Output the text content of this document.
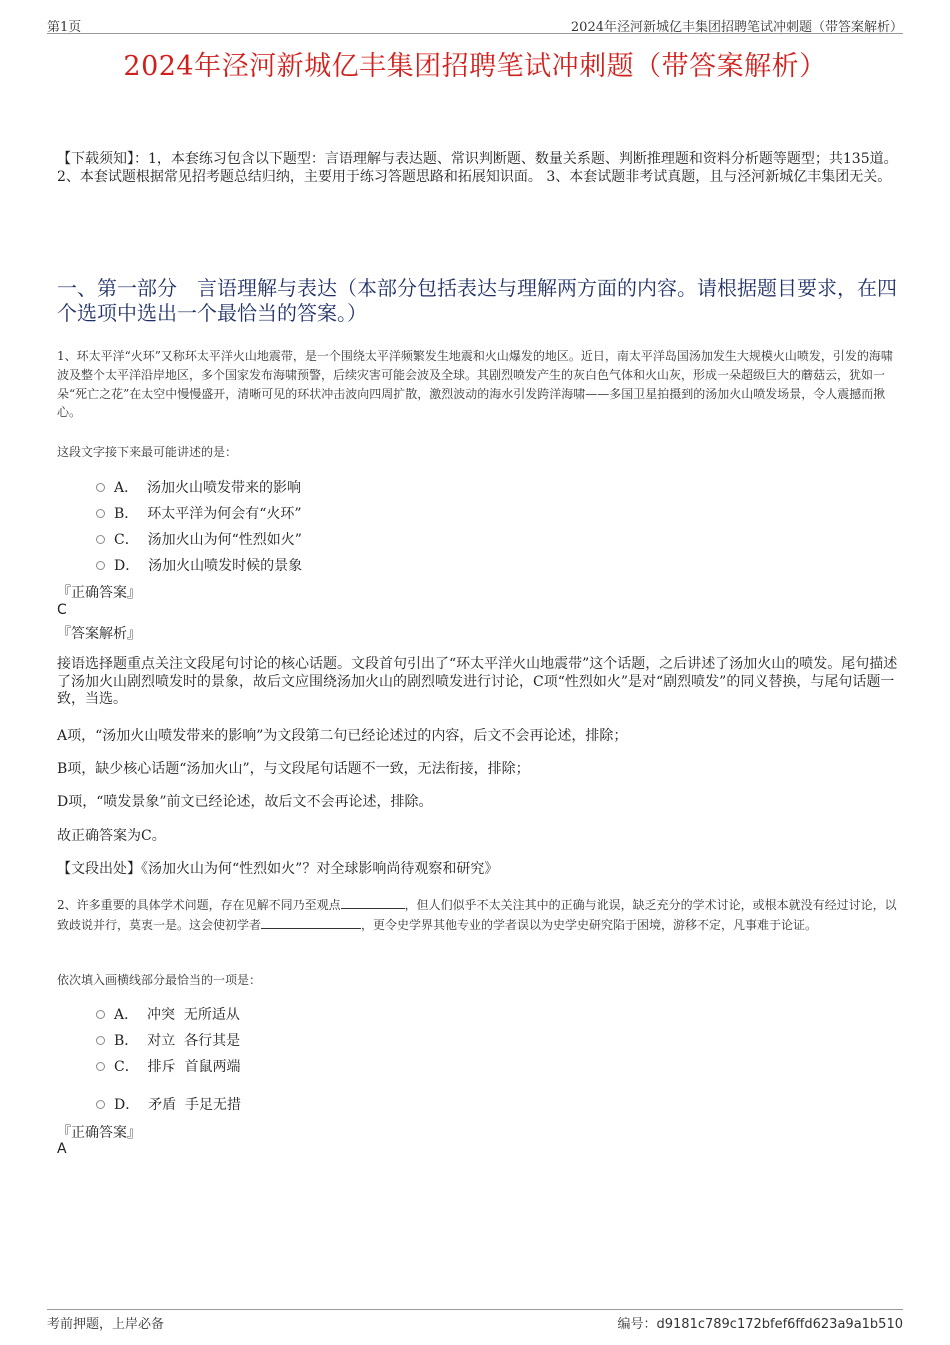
第1页	2024年泾河新城亿丰集团招聘笔试冲刺题（带答案解析）
2024年泾河新城亿丰集团招聘笔试冲刺题（带答案解析）
【下载须知】：1，本套练习包含以下题型：言语理解与表达题、常识判断题、数量关系题、判断推理题和资料分析题等题型；共135道。 2、本套试题根据常见招考题总结归纳，主要用于练习答题思路和拓展知识面。 3、本套试题非考试真题，且与泾河新城亿丰集团无关。
一、第一部分　言语理解与表达（本部分包括表达与理解两方面的内容。请根据题目要求，在四个选项中选出一个最恰当的答案。）
1、环太平洋“火环”又称环太平洋火山地震带，是一个围绕太平洋频繁发生地震和火山爆发的地区。近日，南太平洋岛国汤加发生大规模火山喷发，引发的海啸波及整个太平洋沿岸地区，多个国家发布海啸预警，后续灾害可能会波及全球。其剧烈喷发产生的灰白色气体和火山灰，形成一朵超级巨大的蘑菇云，犹如一朵“死亡之花”在太空中慢慢盛开，清晰可见的环状冲击波向四周扩散，激烈波动的海水引发跨洋海啸——多国卫星拍摄到的汤加火山喷发场景，令人震撼而揪心。
这段文字接下来最可能讲述的是：
A．
汤加火山喷发带来的影响
B．
环太平洋为何会有“火环”
C．
汤加火山为何“性烈如火”
D．
汤加火山喷发时候的景象
『正确答案』
C
『答案解析』
接语选择题重点关注文段尾句讨论的核心话题。文段首句引出了“环太平洋火山地震带”这个话题，之后讲述了汤加火山的喷发。尾句描述了汤加火山剧烈喷发时的景象，故后文应围绕汤加火山的剧烈喷发进行讨论，C项“性烈如火”是对“剧烈喷发”的同义替换，与尾句话题一致，当选。
A项，“汤加火山喷发带来的影响”为文段第二句已经论述过的内容，后文不会再论述，排除；
B项，缺少核心话题“汤加火山”，与文段尾句话题不一致，无法衔接，排除；
D项，“喷发景象”前文已经论述，故后文不会再论述，排除。
故正确答案为C。
【文段出处】《汤加火山为何“性烈如火”？对全球影响尚待观察和研究》
2、许多重要的具体学术问题，存在见解不同乃至观点	，但人们似乎不太关注其中的正确与讹误，缺乏充分的学术讨论，或根本就没有经过讨论，以致歧说并行，莫衷一是。这会使初学者	，更令史学界其他专业的学者误以为史学史研究陷于困境，游移不定，凡事难于论证。
依次填入画横线部分最恰当的一项是：
A．
冲突  无所适从
B．
对立  各行其是
C．
排斥  首鼠两端
D．
矛盾  手足无措
『正确答案』
A
考前押题，上岸必备	编号：d9181c789c172bfef6ffd623a9a1b510
